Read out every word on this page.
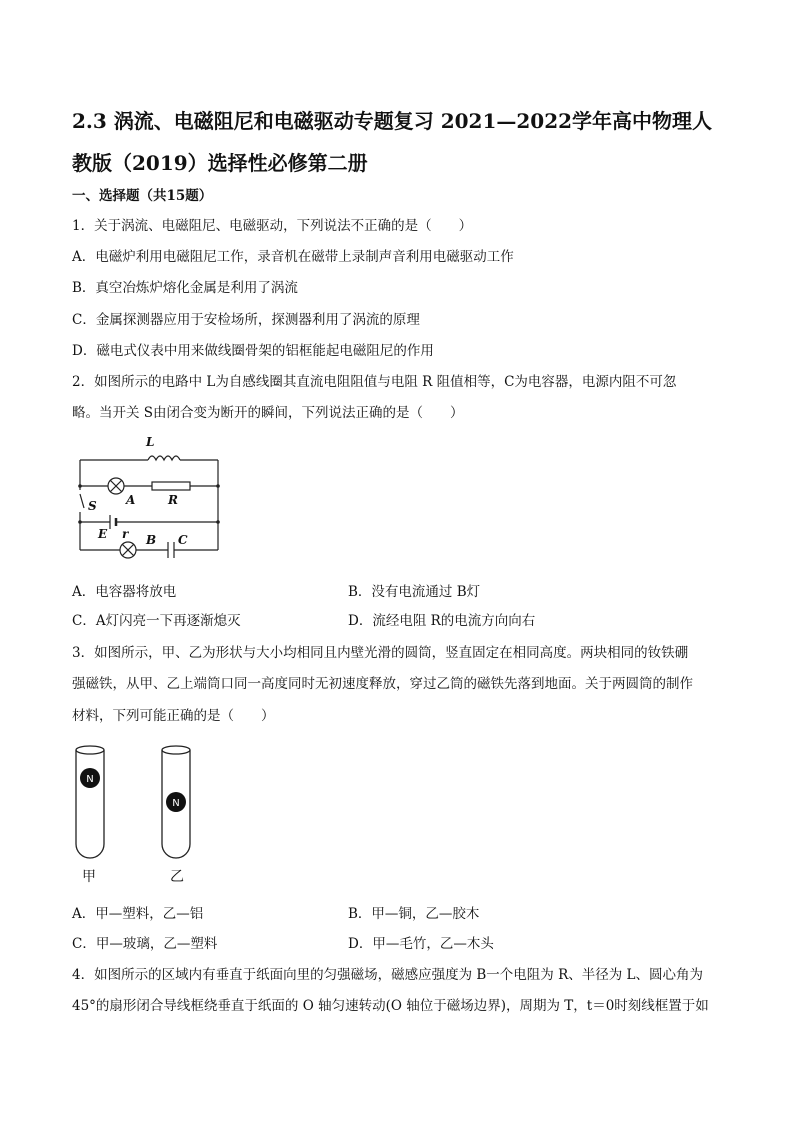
2.3 涡流、电磁阻尼和电磁驱动专题复习 2021—2022学年高中物理人教版（2019）选择性必修第二册
一、选择题（共15题）
1．关于涡流、电磁阻尼、电磁驱动，下列说法不正确的是（　　）
A．电磁炉利用电磁阻尼工作，录音机在磁带上录制声音利用电磁驱动工作
B．真空冶炼炉熔化金属是利用了涡流
C．金属探测器应用于安检场所，探测器利用了涡流的原理
D．磁电式仪表中用来做线圈骨架的铝框能起电磁阻尼的作用
2．如图所示的电路中 L为自感线圈其直流电阻阻值与电阻 R 阻值相等，C为电容器，电源内阻不可忽
略。当开关 S由闭合变为断开的瞬间，下列说法正确的是（　　）
L
A	R
S
E r B C
A．电容器将放电	B．没有电流通过 B灯
C．A灯闪亮一下再逐渐熄灭	D．流经电阻 R的电流方向向右
3．如图所示，甲、乙为形状与大小均相同且内壁光滑的圆筒，竖直固定在相同高度。两块相同的钕铁硼
强磁铁，从甲、乙上端筒口同一高度同时无初速度释放，穿过乙筒的磁铁先落到地面。关于两圆筒的制作
材料，下列可能正确的是（　　）
N
N
甲	乙
A．甲—塑料，乙—铝	B．甲—铜，乙—胶木
C．甲—玻璃，乙—塑料	D．甲—毛竹，乙—木头
4．如图所示的区域内有垂直于纸面向里的匀强磁场，磁感应强度为 B一个电阻为 R、半径为 L、圆心角为
45°的扇形闭合导线框绕垂直于纸面的 O 轴匀速转动(O 轴位于磁场边界)，周期为 T，t＝0时刻线框置于如
